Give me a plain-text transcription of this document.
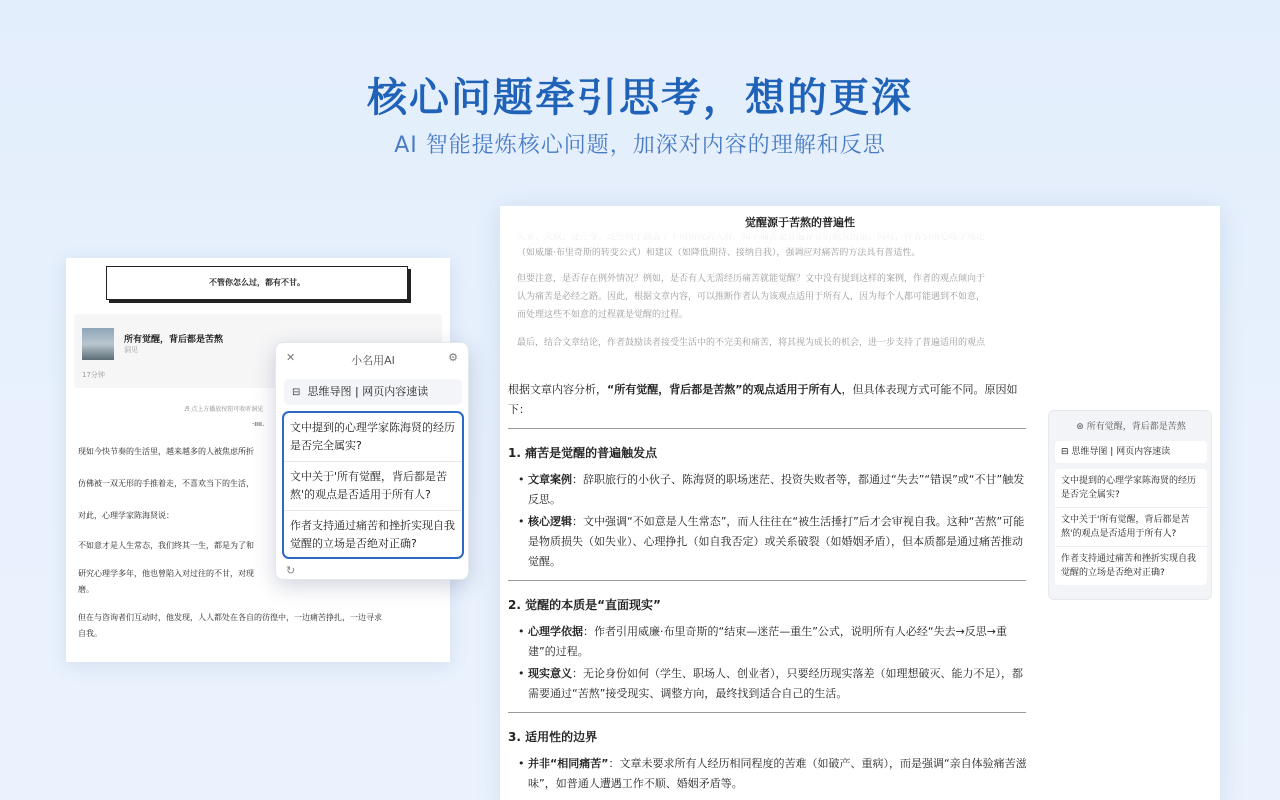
核心问题牵引思考，想的更深
AI 智能提炼核心问题，加深对内容的理解和反思
不管你怎么过，都有不甘。
所有觉醒，背后都是苦熬
洞见
17分钟
♬ 点上方播放按钮可收听洞见
·ıııı.
现如今快节奏的生活里，越来越多的人被焦虑所折
仿佛被一双无形的手推着走，不喜欢当下的生活，
对此，心理学家陈海贤说：
不如意才是人生常态，我们终其一生，都是为了和
研究心理学多年，他也曾陷入对过往的不甘，对现
磨。
但在与咨询者们互动时，他发现，人人都处在各自的彷徨中，一边痛苦挣扎，一边寻求
自我。
✕	小名用AI	⚙
⊟ 思维导图 | 网页内容速读
文中提到的心理学家陈海贤的经历是否完全属实?
文中关于'所有觉醒，背后都是苦熬'的观点是否适用于所有人?
作者支持通过痛苦和挫折实现自我觉醒的立场是否绝对正确?
↻
觉醒源于苦熬的普遍性
（如威廉·布里奇斯的转变公式）和建议（如降低期待、接纳自我），强调应对痛苦的方法具有普适性。
但要注意，是否存在例外情况？例如，是否有人无需经历痛苦就能觉醒？文中没有提到这样的案例，作者的观点倾向于
认为痛苦是必经之路。因此，根据文章内容，可以推断作者认为该观点适用于所有人，因为每个人都可能遇到不如意，
而处理这些不如意的过程就是觉醒的过程。
最后，结合文章结论，作者鼓励读者接受生活中的不完美和痛苦，将其视为成长的机会，进一步支持了普遍适用的观点
根据文章内容分析，“所有觉醒，背后都是苦熬”的观点适用于所有人，但具体表现方式可能不同。原因如
下：
1. 痛苦是觉醒的普遍触发点
• 文章案例：辞职旅行的小伙子、陈海贤的职场迷茫、投资失败者等，都通过“失去”“错误”或“不甘”触发反思。
• 核心逻辑：文中强调“不如意是人生常态”，而人往往在“被生活捶打”后才会审视自我。这种“苦熬”可能是物质损失（如失业）、心理挣扎（如自我否定）或关系破裂（如婚姻矛盾），但本质都是通过痛苦推动觉醒。
2. 觉醒的本质是“直面现实”
• 心理学依据：作者引用威廉·布里奇斯的“结束—迷茫—重生”公式，说明所有人必经“失去→反思→重建”的过程。
• 现实意义：无论身份如何（学生、职场人、创业者），只要经历现实落差（如理想破灭、能力不足），都需要通过“苦熬”接受现实、调整方向，最终找到适合自己的生活。
3. 适用性的边界
• 并非“相同痛苦”：文章未要求所有人经历相同程度的苦难（如破产、重病），而是强调“亲自体验痛苦滋味”，如普通人遭遇工作不顺、婚姻矛盾等。
⊛ 所有觉醒，背后都是苦熬
⊟ 思维导图 | 网页内容速读
文中提到的心理学家陈海贤的经历是否完全属实?
文中关于'所有觉醒，背后都是苦熬'的观点是否适用于所有人?
作者支持通过痛苦和挫折实现自我觉醒的立场是否绝对正确?
